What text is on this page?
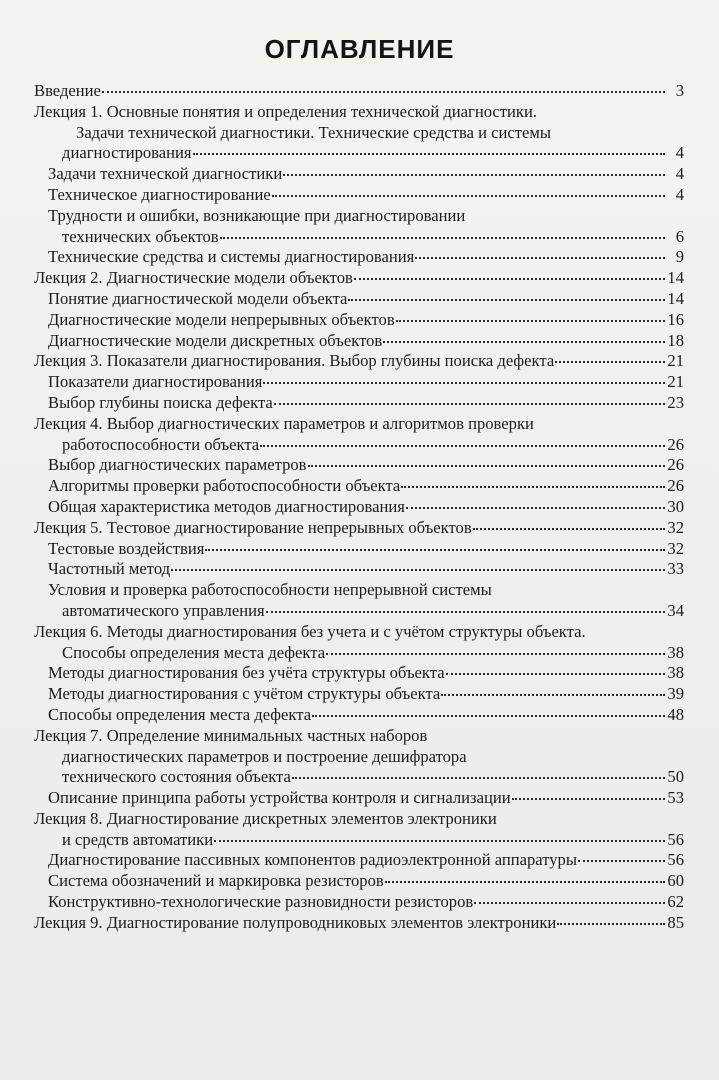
ОГЛАВЛЕНИЕ
Введение	3
Лекция 1. Основные понятия и определения технической диагностики.
Задачи технической диагностики. Технические средства и системы
диагностирования	4
Задачи технической диагностики	4
Техническое диагностирование	4
Трудности и ошибки, возникающие при диагностировании
технических объектов	6
Технические средства и системы диагностирования	9
Лекция 2. Диагностические модели объектов	14
Понятие диагностической модели объекта	14
Диагностические модели непрерывных объектов	16
Диагностические модели дискретных объектов	18
Лекция 3. Показатели диагностирования. Выбор глубины поиска дефекта	21
Показатели диагностирования	21
Выбор глубины поиска дефекта	23
Лекция 4. Выбор диагностических параметров и алгоритмов проверки
работоспособности объекта	26
Выбор диагностических параметров	26
Алгоритмы проверки работоспособности объекта	26
Общая характеристика методов диагностирования	30
Лекция 5. Тестовое диагностирование непрерывных объектов	32
Тестовые воздействия	32
Частотный метод	33
Условия и проверка работоспособности непрерывной системы
автоматического управления	34
Лекция 6. Методы диагностирования без учета и с учётом структуры объекта.
Способы определения места дефекта	38
Методы диагностирования без учёта структуры объекта	38
Методы диагностирования с учётом структуры объекта	39
Способы определения места дефекта	48
Лекция 7. Определение минимальных частных наборов
диагностических параметров и построение дешифратора
технического состояния объекта	50
Описание принципа работы устройства контроля и сигнализации	53
Лекция 8. Диагностирование дискретных элементов электроники
и средств автоматики	56
Диагностирование пассивных компонентов радиоэлектронной аппаратуры	56
Система обозначений и маркировка резисторов	60
Конструктивно-технологические разновидности резисторов	62
Лекция 9. Диагностирование полупроводниковых элементов электроники	85
